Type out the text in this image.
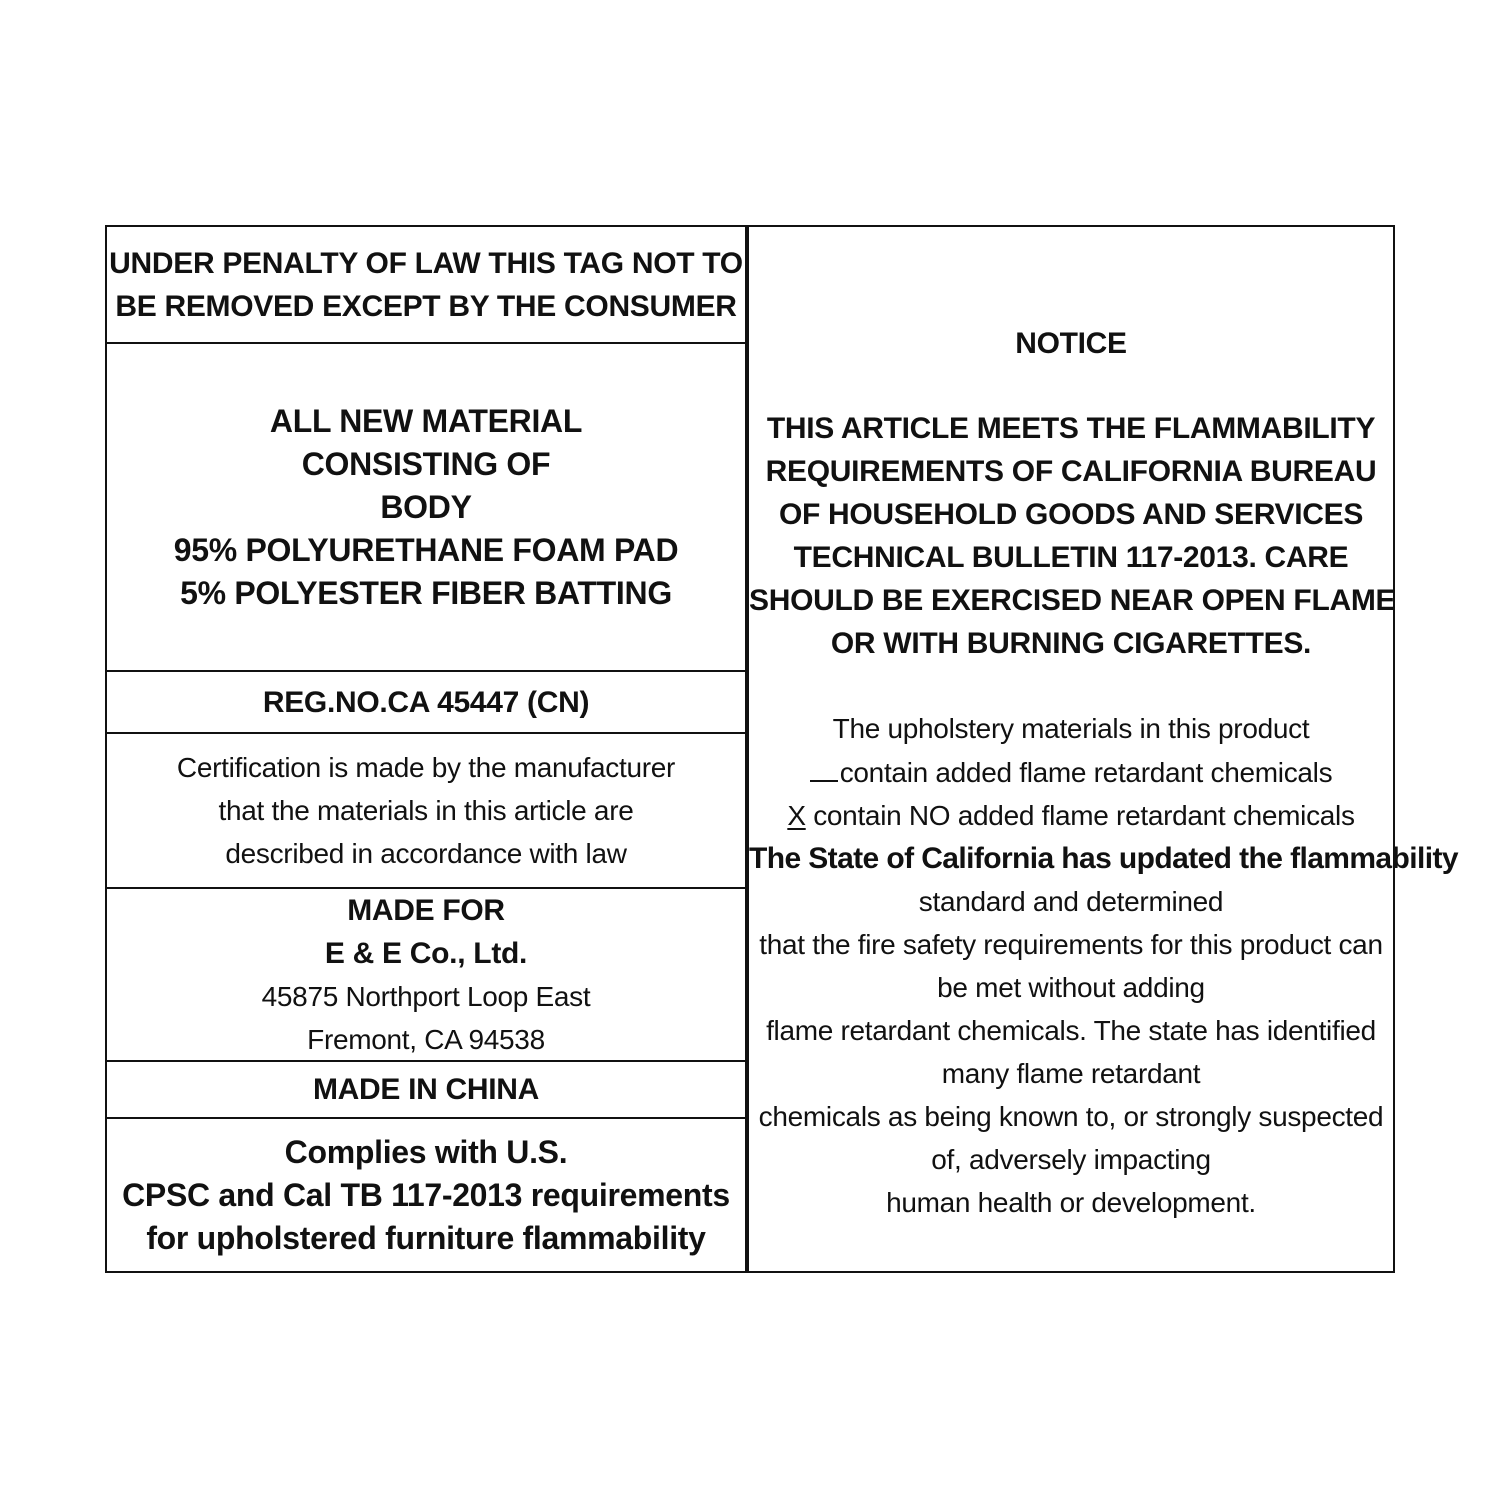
UNDER PENALTY OF LAW THIS TAG NOT TO
BE REMOVED EXCEPT BY THE CONSUMER
ALL NEW MATERIAL
CONSISTING OF
BODY
95% POLYURETHANE FOAM PAD
5% POLYESTER FIBER BATTING
REG.NO.CA 45447 (CN)
Certification is made by the manufacturer
that the materials in this article are
described in accordance with law
MADE FOR
E & E Co., Ltd.
45875 Northport Loop East
Fremont, CA 94538
MADE IN CHINA
Complies with U.S.
CPSC and Cal TB 117-2013 requirements
for upholstered furniture flammability
NOTICE
THIS ARTICLE MEETS THE FLAMMABILITY
REQUIREMENTS OF CALIFORNIA BUREAU
OF HOUSEHOLD GOODS AND SERVICES
TECHNICAL BULLETIN 117-2013. CARE
SHOULD BE EXERCISED NEAR OPEN FLAME
OR WITH BURNING CIGARETTES.
The upholstery materials in this product
contain added flame retardant chemicals
X contain NO added flame retardant chemicals
The State of California has updated the flammability
standard and determined
that the fire safety requirements for this product can
be met without adding
flame retardant chemicals. The state has identified
many flame retardant
chemicals as being known to, or strongly suspected
of, adversely impacting
human health or development.
